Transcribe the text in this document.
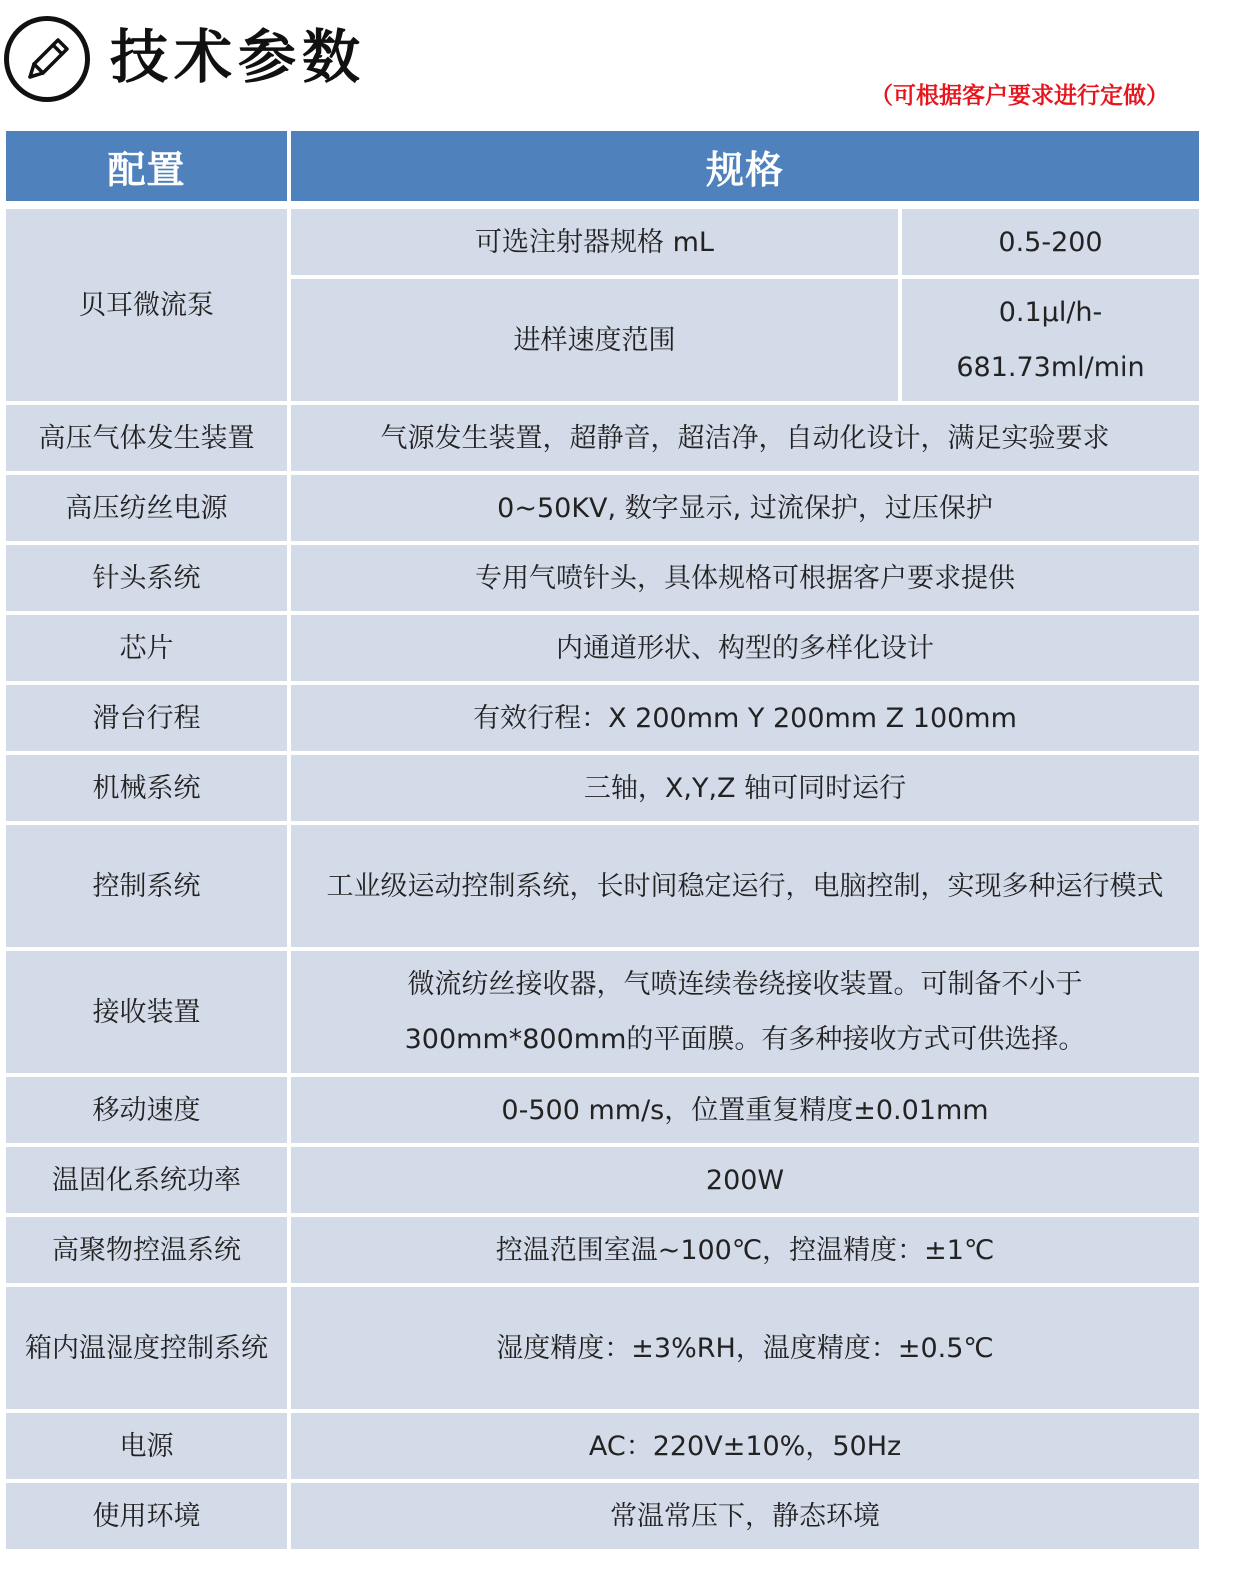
技术参数
（可根据客户要求进行定做）
配置	规格	
贝耳微流泵	可选注射器规格 mL	0.5-200
	进样速度范围	0.1μl/h-681.73ml/min
高压气体发生装置	气源发生装置，超静音，超洁净，自动化设计，满足实验要求	
高压纺丝电源	0~50KV, 数字显示, 过流保护，过压保护	
针头系统	专用气喷针头，具体规格可根据客户要求提供	
芯片	内通道形状、构型的多样化设计	
滑台行程	有效行程：X 200mm Y 200mm Z 100mm	
机械系统	三轴，X,Y,Z 轴可同时运行	
控制系统	工业级运动控制系统，长时间稳定运行，电脑控制，实现多种运行模式	
接收装置	微流纺丝接收器，气喷连续卷绕接收装置。可制备不小于300mm*800mm的平面膜。有多种接收方式可供选择。	
移动速度	0-500 mm/s，位置重复精度±0.01mm	
温固化系统功率	200W	
高聚物控温系统	控温范围室温~100℃，控温精度：±1℃	
箱内温湿度控制系统	湿度精度：±3%RH，温度精度：±0.5℃	
电源	AC：220V±10%，50Hz	
使用环境	常温常压下，静态环境	
